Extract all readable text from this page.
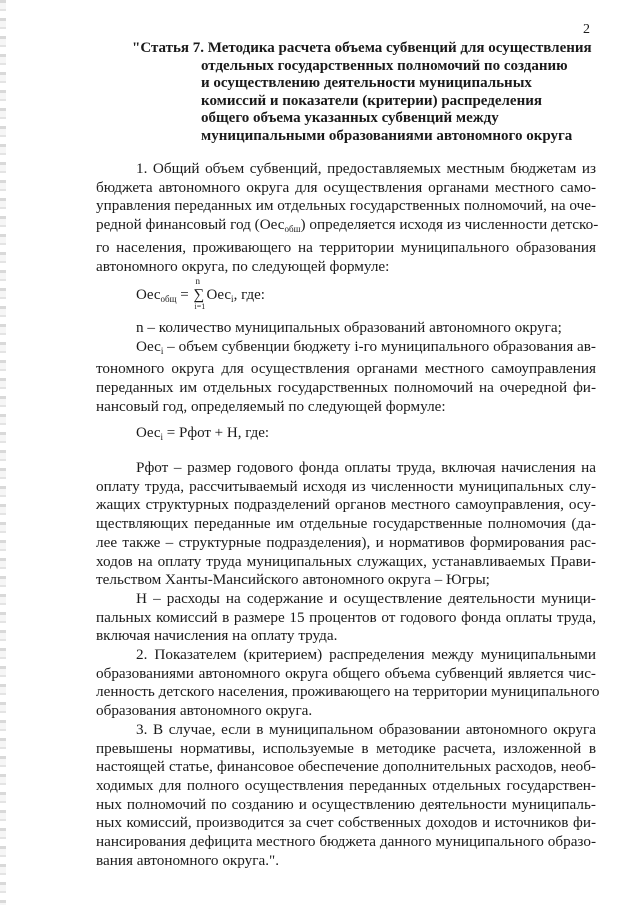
2
"Статья 7. Методика расчета объема субвенций для осуществления
отдельных государственных полномочий по созданию
и осуществлению деятельности муниципальных
комиссий и показатели (критерии) распределения
общего объема указанных субвенций между
муниципальными образованиями автономного округа
1. Общий объем субвенций, предоставляемых местным бюджетам из
бюджета автономного округа для осуществления органами местного само-
управления переданных им отдельных государственных полномочий, на оче-
редной финансовый год (Оес$_{обш}$) определяется исходя из численности детско-
го населения, проживающего на территории муниципального образования
автономного округа, по следующей формуле:
Оес$_{общ}$ =
n
∑
i=1
Оес$_i$, где:
n – количество муниципальных образований автономного округа;
Оес$_i$ – объем субвенции бюджету i-го муниципального образования ав-
тономного округа для осуществления органами местного самоуправления
переданных им отдельных государственных полномочий на очередной фи-
нансовый год, определяемый по следующей формуле:
Оес$_i$ = Рфот + Н, где:
Рфот – размер годового фонда оплаты труда, включая начисления на
оплату труда, рассчитываемый исходя из численности муниципальных слу-
жащих структурных подразделений органов местного самоуправления, осу-
ществляющих переданные им отдельные государственные полномочия (да-
лее также – структурные подразделения), и нормативов формирования рас-
ходов на оплату труда муниципальных служащих, устанавливаемых Прави-
тельством Ханты-Мансийского автономного округа – Югры;
Н – расходы на содержание и осуществление деятельности муници-
пальных комиссий в размере 15 процентов от годового фонда оплаты труда,
включая начисления на оплату труда.
2. Показателем (критерием) распределения между муниципальными
образованиями автономного округа общего объема субвенций является чис-
ленность детского населения, проживающего на территории муниципального
образования автономного округа.
3. В случае, если в муниципальном образовании автономного округа
превышены нормативы, используемые в методике расчета, изложенной в
настоящей статье, финансовое обеспечение дополнительных расходов, необ-
ходимых для полного осуществления переданных отдельных государствен-
ных полномочий по созданию и осуществлению деятельности муниципаль-
ных комиссий, производится за счет собственных доходов и источников фи-
нансирования дефицита местного бюджета данного муниципального образо-
вания автономного округа.".
